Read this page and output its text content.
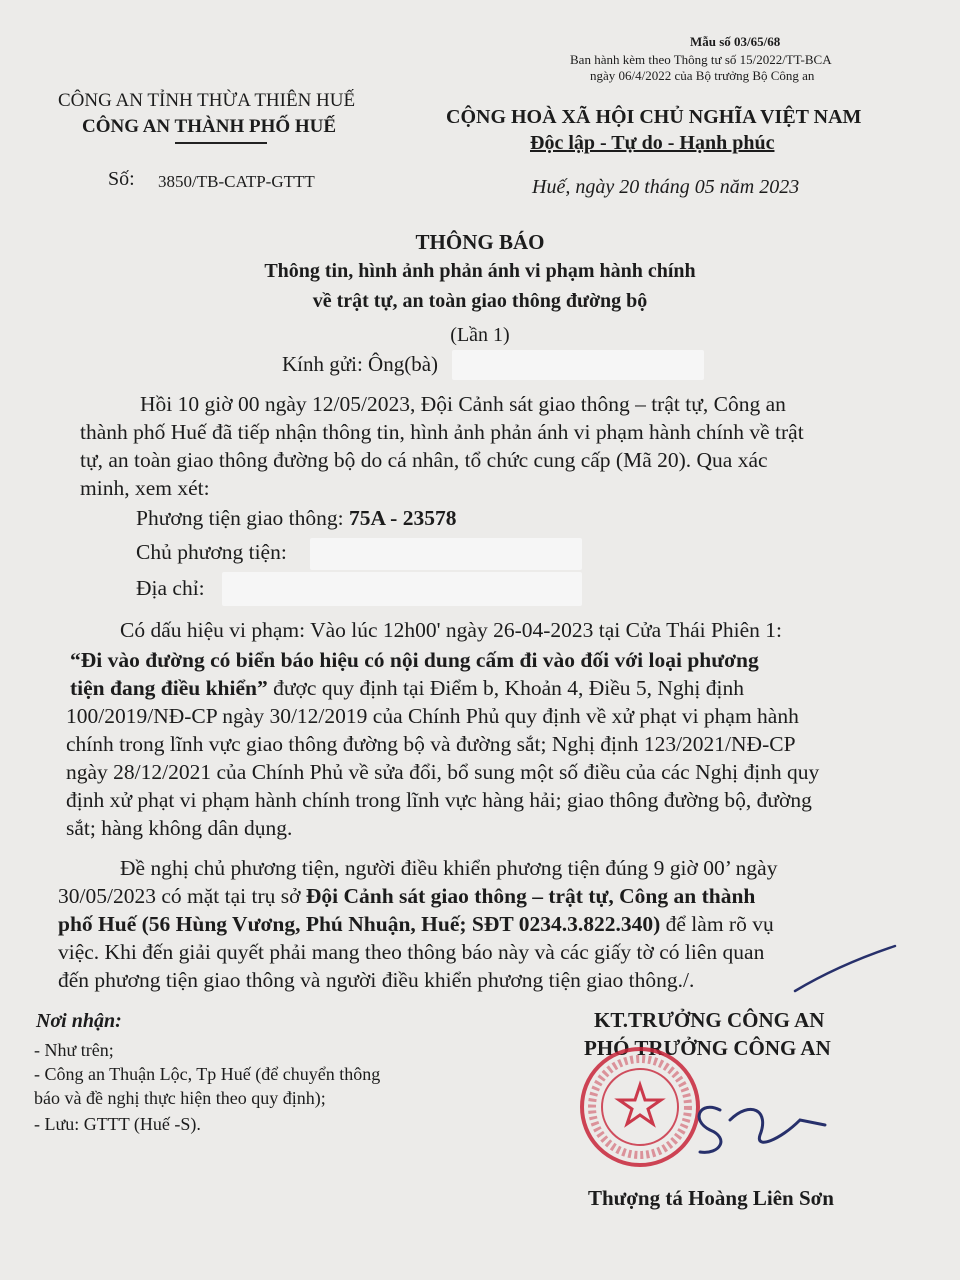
Mẫu số 03/65/68
Ban hành kèm theo Thông tư số 15/2022/TT-BCA
ngày 06/4/2022 của Bộ trưởng Bộ Công an
CÔNG AN TỈNH THỪA THIÊN HUẾ
CÔNG AN THÀNH PHỐ HUẾ
Số: 3850/TB-CATP-GTTT
CỘNG HOÀ XÃ HỘI CHỦ NGHĨA VIỆT NAM
Độc lập - Tự do - Hạnh phúc
Huế, ngày 20 tháng 05 năm 2023
THÔNG BÁO
Thông tin, hình ảnh phản ánh vi phạm hành chính
về trật tự, an toàn giao thông đường bộ
(Lần 1)
Kính gửi: Ông(bà)
Hồi 10 giờ 00 ngày 12/05/2023, Đội Cảnh sát giao thông – trật tự, Công an
thành phố Huế đã tiếp nhận thông tin, hình ảnh phản ánh vi phạm hành chính về trật
tự, an toàn giao thông đường bộ do cá nhân, tổ chức cung cấp (Mã 20). Qua xác
minh, xem xét:
Phương tiện giao thông: 75A - 23578
Chủ phương tiện:
Địa chỉ:
Có dấu hiệu vi phạm: Vào lúc 12h00' ngày 26-04-2023 tại Cửa Thái Phiên 1:
“Đi vào đường có biển báo hiệu có nội dung cấm đi vào đối với loại phương
tiện đang điều khiển” được quy định tại Điểm b, Khoản 4, Điều 5, Nghị định
100/2019/NĐ-CP ngày 30/12/2019 của Chính Phủ quy định về xử phạt vi phạm hành
chính trong lĩnh vực giao thông đường bộ và đường sắt; Nghị định 123/2021/NĐ-CP
ngày 28/12/2021 của Chính Phủ về sửa đổi, bổ sung một số điều của các Nghị định quy
định xử phạt vi phạm hành chính trong lĩnh vực hàng hải; giao thông đường bộ, đường
sắt; hàng không dân dụng.
Đề nghị chủ phương tiện, người điều khiển phương tiện đúng 9 giờ 00’ ngày
30/05/2023 có mặt tại trụ sở Đội Cảnh sát giao thông – trật tự, Công an thành
phố Huế (56 Hùng Vương, Phú Nhuận, Huế; SĐT 0234.3.822.340) để làm rõ vụ
việc. Khi đến giải quyết phải mang theo thông báo này và các giấy tờ có liên quan
đến phương tiện giao thông và người điều khiển phương tiện giao thông./.
Nơi nhận:
- Như trên;
- Công an Thuận Lộc, Tp Huế (để chuyển thông
báo và đề nghị thực hiện theo quy định);
- Lưu: GTTT (Huế -S).
KT.TRƯỞNG CÔNG AN
PHÓ TRƯỞNG CÔNG AN
Thượng tá Hoàng Liên Sơn
